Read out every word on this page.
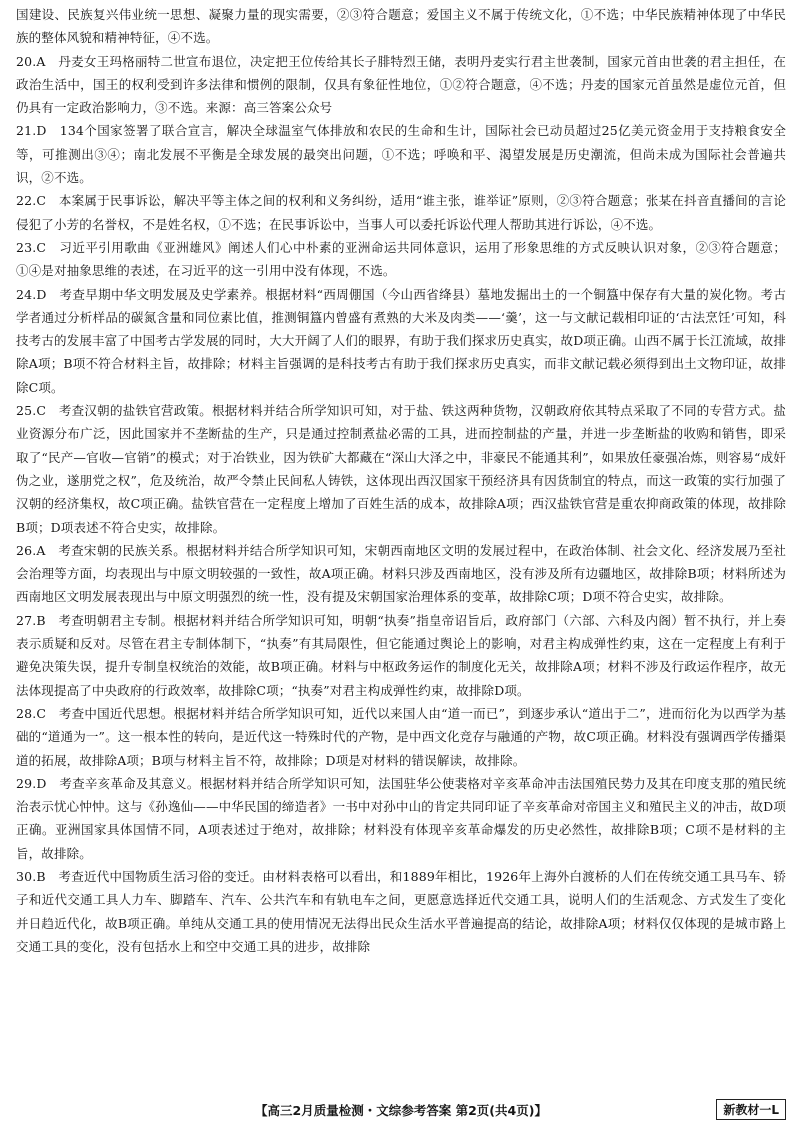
国建设、民族复兴伟业统一思想、凝聚力量的现实需要，②③符合题意；爱国主义不属于传统文化，①不选；中华民族精神体现了中华民族的整体风貌和精神特征，④不选。

20.A　丹麦女王玛格丽特二世宣布退位，决定把王位传给其长子腓特烈王储，表明丹麦实行君主世袭制，国家元首由世袭的君主担任，在政治生活中，国王的权利受到许多法律和惯例的限制，仅具有象征性地位，①②符合题意，④不选；丹麦的国家元首虽然是虚位元首，但仍具有一定政治影响力，③不选。来源：高三答案公众号

21.D　134个国家签署了联合宣言，解决全球温室气体排放和农民的生命和生计，国际社会已动员超过25亿美元资金用于支持粮食安全等，可推测出③④；南北发展不平衡是全球发展的最突出问题，①不选；呼唤和平、渴望发展是历史潮流，但尚未成为国际社会普遍共识，②不选。

22.C　本案属于民事诉讼，解决平等主体之间的权利和义务纠纷，适用“谁主张，谁举证”原则，②③符合题意；张某在抖音直播间的言论侵犯了小芳的名誉权，不是姓名权，①不选；在民事诉讼中，当事人可以委托诉讼代理人帮助其进行诉讼，④不选。

23.C　习近平引用歌曲《亚洲雄风》阐述人们心中朴素的亚洲命运共同体意识，运用了形象思维的方式反映认识对象，②③符合题意；①④是对抽象思维的表述，在习近平的这一引用中没有体现，不选。

24.D　考查早期中华文明发展及史学素养。根据材料“西周倗国（今山西省绛县）墓地发掘出土的一个铜簋中保存有大量的炭化物。考古学者通过分析样品的碳氮含量和同位素比值，推测铜簋内曾盛有煮熟的大米及肉类——‘羹’，这一与文献记载相印证的‘古法烹饪’可知，科技考古的发展丰富了中国考古学发展的同时，大大开阔了人们的眼界，有助于我们探求历史真实，故D项正确。山西不属于长江流域，故排除A项；B项不符合材料主旨，故排除；材料主旨强调的是科技考古有助于我们探求历史真实，而非文献记载必须得到出土文物印证，故排除C项。

25.C　考查汉朝的盐铁官营政策。根据材料并结合所学知识可知，对于盐、铁这两种货物，汉朝政府依其特点采取了不同的专营方式。盐业资源分布广泛，因此国家并不垄断盐的生产，只是通过控制煮盐必需的工具，进而控制盐的产量，并进一步垄断盐的收购和销售，即采取了“民产—官收—官销”的模式；对于冶铁业，因为铁矿大都藏在“深山大泽之中，非豪民不能通其利”，如果放任豪强冶炼，则容易“成奸伪之业，遂朋党之权”，危及统治，故严令禁止民间私人铸铁，这体现出西汉国家干预经济具有因货制宜的特点，而这一政策的实行加强了汉朝的经济集权，故C项正确。盐铁官营在一定程度上增加了百姓生活的成本，故排除A项；西汉盐铁官营是重农抑商政策的体现，故排除B项；D项表述不符合史实，故排除。

26.A　考查宋朝的民族关系。根据材料并结合所学知识可知，宋朝西南地区文明的发展过程中，在政治体制、社会文化、经济发展乃至社会治理等方面，均表现出与中原文明较强的一致性，故A项正确。材料只涉及西南地区，没有涉及所有边疆地区，故排除B项；材料所述为西南地区文明发展表现出与中原文明强烈的统一性，没有提及宋朝国家治理体系的变革，故排除C项；D项不符合史实，故排除。

27.B　考查明朝君主专制。根据材料并结合所学知识可知，明朝“执奏”指皇帝诏旨后，政府部门（六部、六科及内阁）暂不执行，并上奏表示质疑和反对。尽管在君主专制体制下，“执奏”有其局限性，但它能通过舆论上的影响，对君主构成弹性约束，这在一定程度上有利于避免决策失误，提升专制皇权统治的效能，故B项正确。材料与中枢政务运作的制度化无关，故排除A项；材料不涉及行政运作程序，故无法体现提高了中央政府的行政效率，故排除C项；“执奏”对君主构成弹性约束，故排除D项。

28.C　考查中国近代思想。根据材料并结合所学知识可知，近代以来国人由“道一而已”，到逐步承认“道出于二”，进而衍化为以西学为基础的“道通为一”。这一根本性的转向，是近代这一特殊时代的产物，是中西文化竞存与融通的产物，故C项正确。材料没有强调西学传播渠道的拓展，故排除A项；B项与材料主旨不符，故排除；D项是对材料的错误解读，故排除。

29.D　考查辛亥革命及其意义。根据材料并结合所学知识可知，法国驻华公使裴格对辛亥革命冲击法国殖民势力及其在印度支那的殖民统治表示忧心忡忡。这与《孙逸仙——中华民国的缔造者》一书中对孙中山的肯定共同印证了辛亥革命对帝国主义和殖民主义的冲击，故D项正确。亚洲国家具体国情不同，A项表述过于绝对，故排除；材料没有体现辛亥革命爆发的历史必然性，故排除B项；C项不是材料的主旨，故排除。

30.B　考查近代中国物质生活习俗的变迁。由材料表格可以看出，和1889年相比，1926年上海外白渡桥的人们在传统交通工具马车、轿子和近代交通工具人力车、脚踏车、汽车、公共汽车和有轨电车之间，更愿意选择近代交通工具，说明人们的生活观念、方式发生了变化并日趋近代化，故B项正确。单纯从交通工具的使用情况无法得出民众生活水平普遍提高的结论，故排除A项；材料仅仅体现的是城市路上交通工具的变化，没有包括水上和空中交通工具的进步，故排除

【高三2月质量检测・文综参考答案 第2页(共4页)】	新教材一L
